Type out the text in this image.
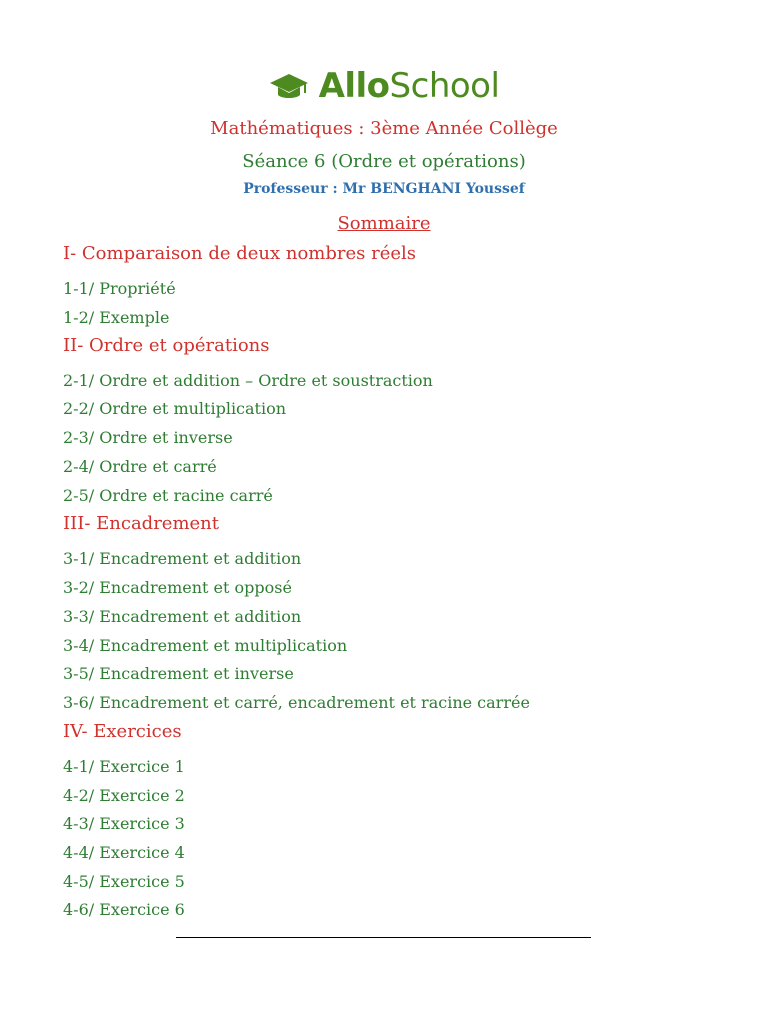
AlloSchool
Mathématiques : 3ème Année Collège
Séance 6 (Ordre et opérations)
Professeur : Mr BENGHANI Youssef
Sommaire
I- Comparaison de deux nombres réels
1-1/ Propriété
1-2/ Exemple
II- Ordre et opérations
2-1/ Ordre et addition – Ordre et soustraction
2-2/ Ordre et multiplication
2-3/ Ordre et inverse
2-4/ Ordre et carré
2-5/ Ordre et racine carré
III- Encadrement
3-1/ Encadrement et addition
3-2/ Encadrement et opposé
3-3/ Encadrement et addition
3-4/ Encadrement et multiplication
3-5/ Encadrement et inverse
3-6/ Encadrement et carré, encadrement et racine carrée
IV- Exercices
4-1/ Exercice 1
4-2/ Exercice 2
4-3/ Exercice 3
4-4/ Exercice 4
4-5/ Exercice 5
4-6/ Exercice 6
